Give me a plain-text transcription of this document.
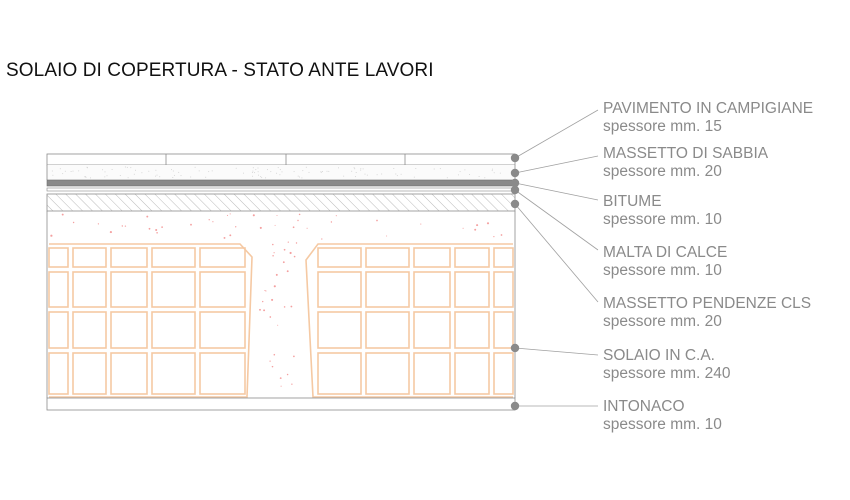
SOLAIO DI COPERTURA - STATO ANTE LAVORI
PAVIMENTO IN CAMPIGIANE
spessore mm. 15
MASSETTO DI SABBIA
spessore mm. 20
BITUME
spessore mm. 10
MALTA DI CALCE
spessore mm. 10
MASSETTO PENDENZE CLS
spessore mm. 20
SOLAIO IN C.A.
spessore mm. 240
INTONACO
spessore mm. 10
